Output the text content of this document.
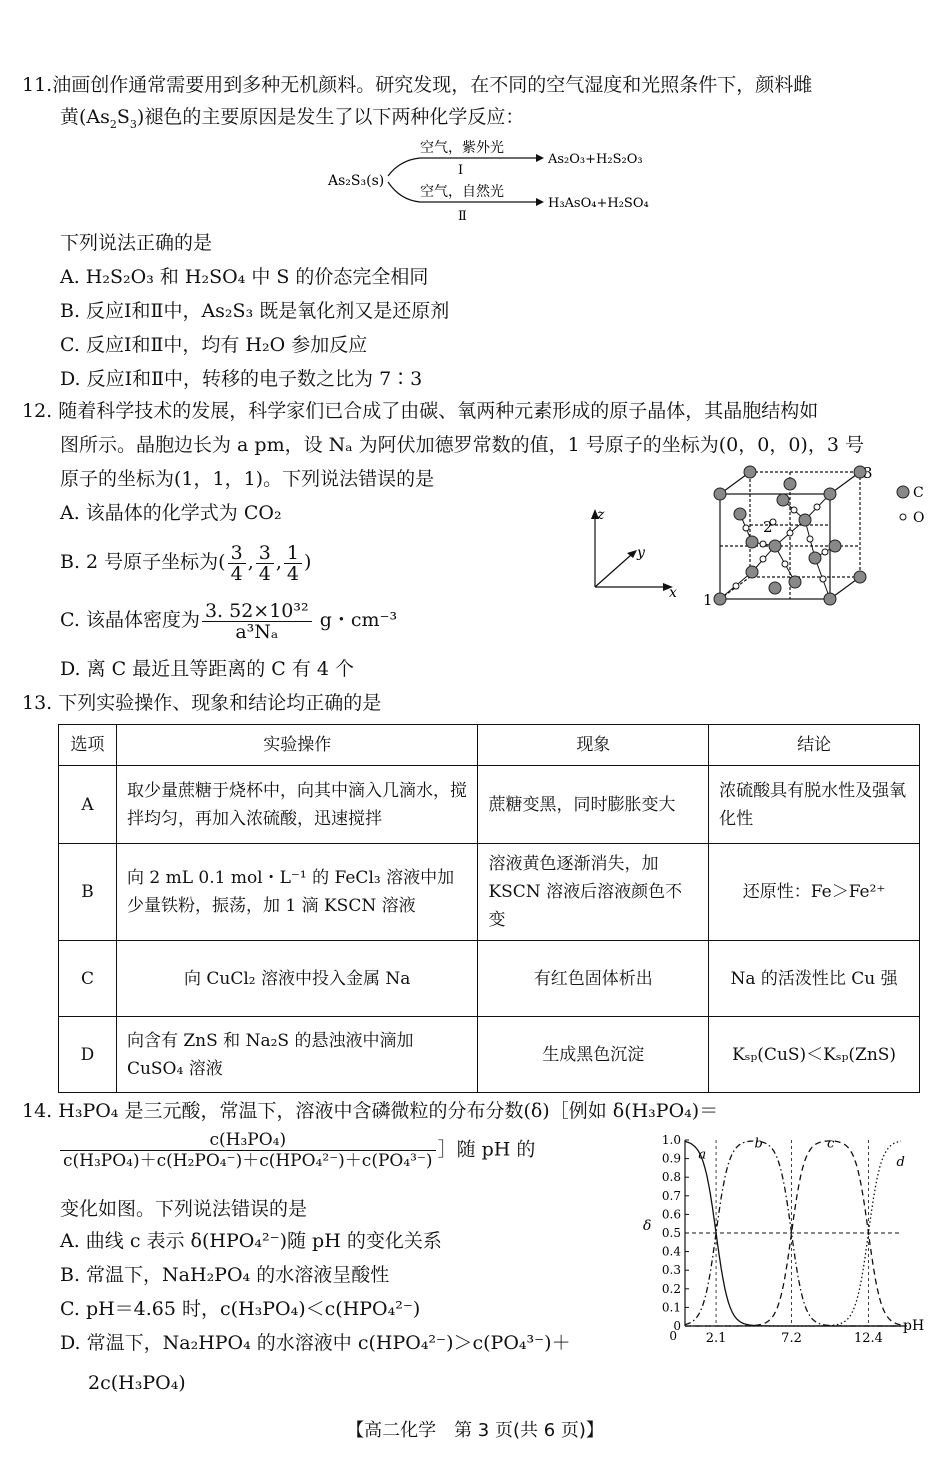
11.油画创作通常需要用到多种无机颜料。研究发现，在不同的空气湿度和光照条件下，颜料雌
黄$(As_2S_3)$褪色的主要原因是发生了以下两种化学反应：
As₂S₃(s)
空气，紫外光
Ⅰ
As₂O₃+H₂S₂O₃
空气，自然光
Ⅱ
H₃AsO₄+H₂SO₄
下列说法正确的是
A. H₂S₂O₃ 和 H₂SO₄ 中 S 的价态完全相同
B. 反应Ⅰ和Ⅱ中，As₂S₃ 既是氧化剂又是还原剂
C. 反应Ⅰ和Ⅱ中，均有 H₂O 参加反应
D. 反应Ⅰ和Ⅱ中，转移的电子数之比为 7∶3
12. 随着科学技术的发展，科学家们已合成了由碳、氧两种元素形成的原子晶体，其晶胞结构如
图所示。晶胞边长为 a pm，设 Nₐ 为阿伏加德罗常数的值，1 号原子的坐标为(0，0，0)，3 号
原子的坐标为(1，1，1)。下列说法错误的是
A. 该晶体的化学式为 CO₂
B. 2 号原子坐标为( $\frac{3}{4}$ , $\frac{3}{4}$ , $\frac{1}{4}$ )
C. 该晶体密度为 $\frac{\text{3. 52×10³²}}{\text{a³Nₐ}}$ g・cm⁻³
D. 离 C 最近且等距离的 C 有 4 个
z
y
x 1
2
3
C
O
13. 下列实验操作、现象和结论均正确的是
选项	实验操作	现象	结论
A	取少量蔗糖于烧杯中，向其中滴入几滴水，搅拌均匀，再加入浓硫酸，迅速搅拌	蔗糖变黑，同时膨胀变大	浓硫酸具有脱水性及强氧化性
B	向 2 mL 0.1 mol・L⁻¹ 的 FeCl₃ 溶液中加少量铁粉，振荡，加 1 滴 KSCN 溶液	溶液黄色逐渐消失，加 KSCN 溶液后溶液颜色不变	还原性：Fe＞Fe²⁺
C	向 CuCl₂ 溶液中投入金属 Na	有红色固体析出	Na 的活泼性比 Cu 强
D	向含有 ZnS 和 Na₂S 的悬浊液中滴加 CuSO₄ 溶液	生成黑色沉淀	Kₛₚ(CuS)＜Kₛₚ(ZnS)
14. H₃PO₄ 是三元酸，常温下，溶液中含磷微粒的分布分数(δ)［例如 δ(H₃PO₄)＝
$\frac{\text{c(H₃PO₄)}}{\text{c(H₃PO₄)＋c(H₂PO₄⁻)＋c(HPO₄²⁻)＋c(PO₄³⁻)}}$ ］随 pH 的
变化如图。下列说法错误的是
A. 曲线 c 表示 δ(HPO₄²⁻)随 pH 的变化关系
B. 常温下，NaH₂PO₄ 的水溶液呈酸性
C. pH＝4.65 时，c(H₃PO₄)＜c(HPO₄²⁻)
D. 常温下，Na₂HPO₄ 的水溶液中 c(HPO₄²⁻)＞c(PO₄³⁻)＋
2c(H₃PO₄)
0
0.1
0.2
0.3
0.4
0.5
0.6
0.7
0.8
0.9
1.0
2.1	7.2	12.4
0
a
b	c
d
δ
pH
【高二化学　第 3 页(共 6 页)】
